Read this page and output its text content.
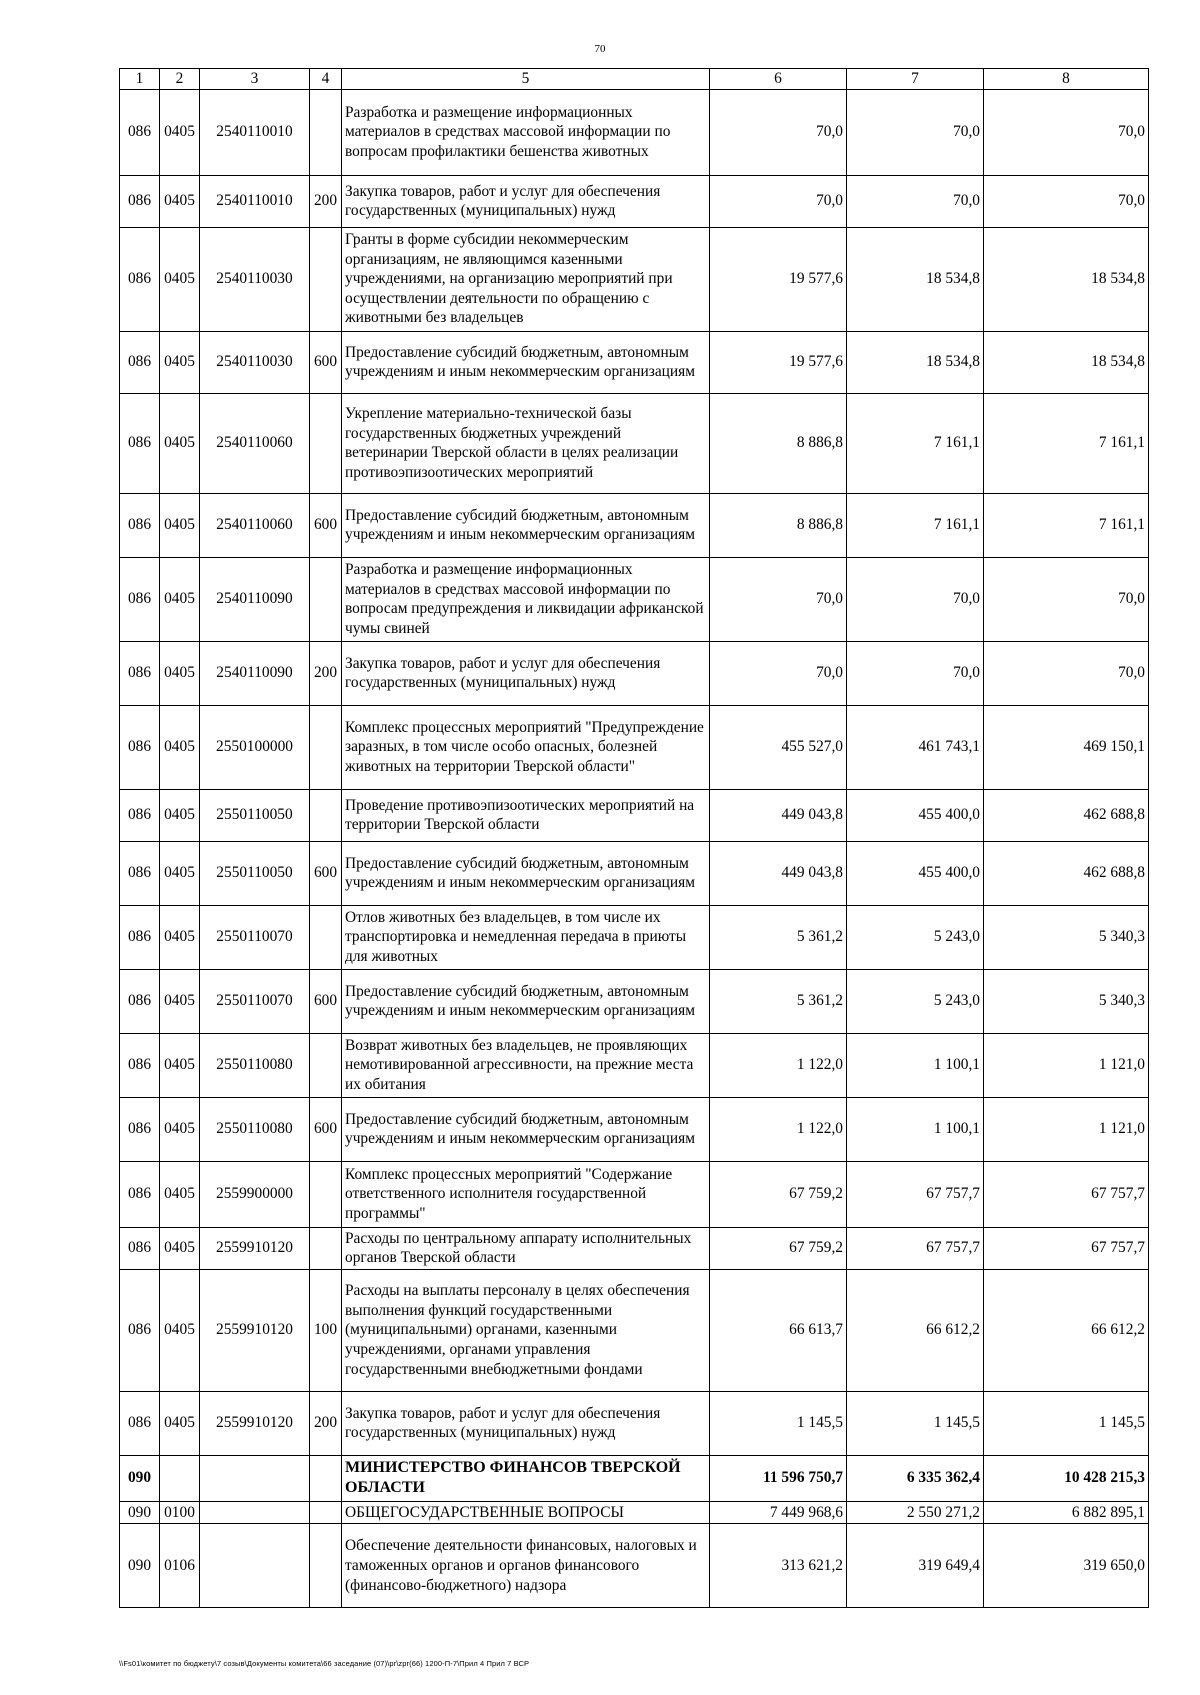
70
1	2	3	4	5	6	7	8
086	0405	2540110010		Разработка и размещение информационных материалов в средствах массовой информации по вопросам профилактики бешенства животных	70,0	70,0	70,0
086	0405	2540110010	200	Закупка товаров, работ и услуг для обеспечения государственных (муниципальных) нужд	70,0	70,0	70,0
086	0405	2540110030		Гранты в форме субсидии некоммерческим организациям, не являющимся казенными учреждениями, на организацию мероприятий при осуществлении деятельности по обращению с животными без владельцев	19 577,6	18 534,8	18 534,8
086	0405	2540110030	600	Предоставление субсидий бюджетным, автономным учреждениям и иным некоммерческим организациям	19 577,6	18 534,8	18 534,8
086	0405	2540110060		Укрепление материально-технической базы государственных бюджетных учреждений ветеринарии Тверской области в целях реализации противоэпизоотических мероприятий	8 886,8	7 161,1	7 161,1
086	0405	2540110060	600	Предоставление субсидий бюджетным, автономным учреждениям и иным некоммерческим организациям	8 886,8	7 161,1	7 161,1
086	0405	2540110090		Разработка и размещение информационных материалов в средствах массовой информации по вопросам предупреждения и ликвидации африканской чумы свиней	70,0	70,0	70,0
086	0405	2540110090	200	Закупка товаров, работ и услуг для обеспечения государственных (муниципальных) нужд	70,0	70,0	70,0
086	0405	2550100000		Комплекс процессных мероприятий "Предупреждение заразных, в том числе особо опасных, болезней животных на территории Тверской области"	455 527,0	461 743,1	469 150,1
086	0405	2550110050		Проведение противоэпизоотических мероприятий на территории Тверской области	449 043,8	455 400,0	462 688,8
086	0405	2550110050	600	Предоставление субсидий бюджетным, автономным учреждениям и иным некоммерческим организациям	449 043,8	455 400,0	462 688,8
086	0405	2550110070		Отлов животных без владельцев, в том числе их транспортировка и немедленная передача в приюты для животных	5 361,2	5 243,0	5 340,3
086	0405	2550110070	600	Предоставление субсидий бюджетным, автономным учреждениям и иным некоммерческим организациям	5 361,2	5 243,0	5 340,3
086	0405	2550110080		Возврат животных без владельцев, не проявляющих немотивированной агрессивности, на прежние места их обитания	1 122,0	1 100,1	1 121,0
086	0405	2550110080	600	Предоставление субсидий бюджетным, автономным учреждениям и иным некоммерческим организациям	1 122,0	1 100,1	1 121,0
086	0405	2559900000		Комплекс процессных мероприятий "Содержание ответственного исполнителя государственной программы"	67 759,2	67 757,7	67 757,7
086	0405	2559910120		Расходы по центральному аппарату исполнительных органов Тверской области	67 759,2	67 757,7	67 757,7
086	0405	2559910120	100	Расходы на выплаты персоналу в целях обеспечения выполнения функций государственными (муниципальными) органами, казенными учреждениями, органами управления государственными внебюджетными фондами	66 613,7	66 612,2	66 612,2
086	0405	2559910120	200	Закупка товаров, работ и услуг для обеспечения государственных (муниципальных) нужд	1 145,5	1 145,5	1 145,5
090				МИНИСТЕРСТВО ФИНАНСОВ ТВЕРСКОЙ ОБЛАСТИ	11 596 750,7	6 335 362,4	10 428 215,3
090	0100			ОБЩЕГОСУДАРСТВЕННЫЕ ВОПРОСЫ	7 449 968,6	2 550 271,2	6 882 895,1
090	0106			Обеспечение деятельности финансовых, налоговых и таможенных органов и органов финансового (финансово-бюджетного) надзора	313 621,2	319 649,4	319 650,0
\\Fs01\комитет по бюджету\7 созыв\Документы комитета\66 заседание (07)\pr\zpr(66) 1200-П-7\Прил 4 Прил 7 ВСР
